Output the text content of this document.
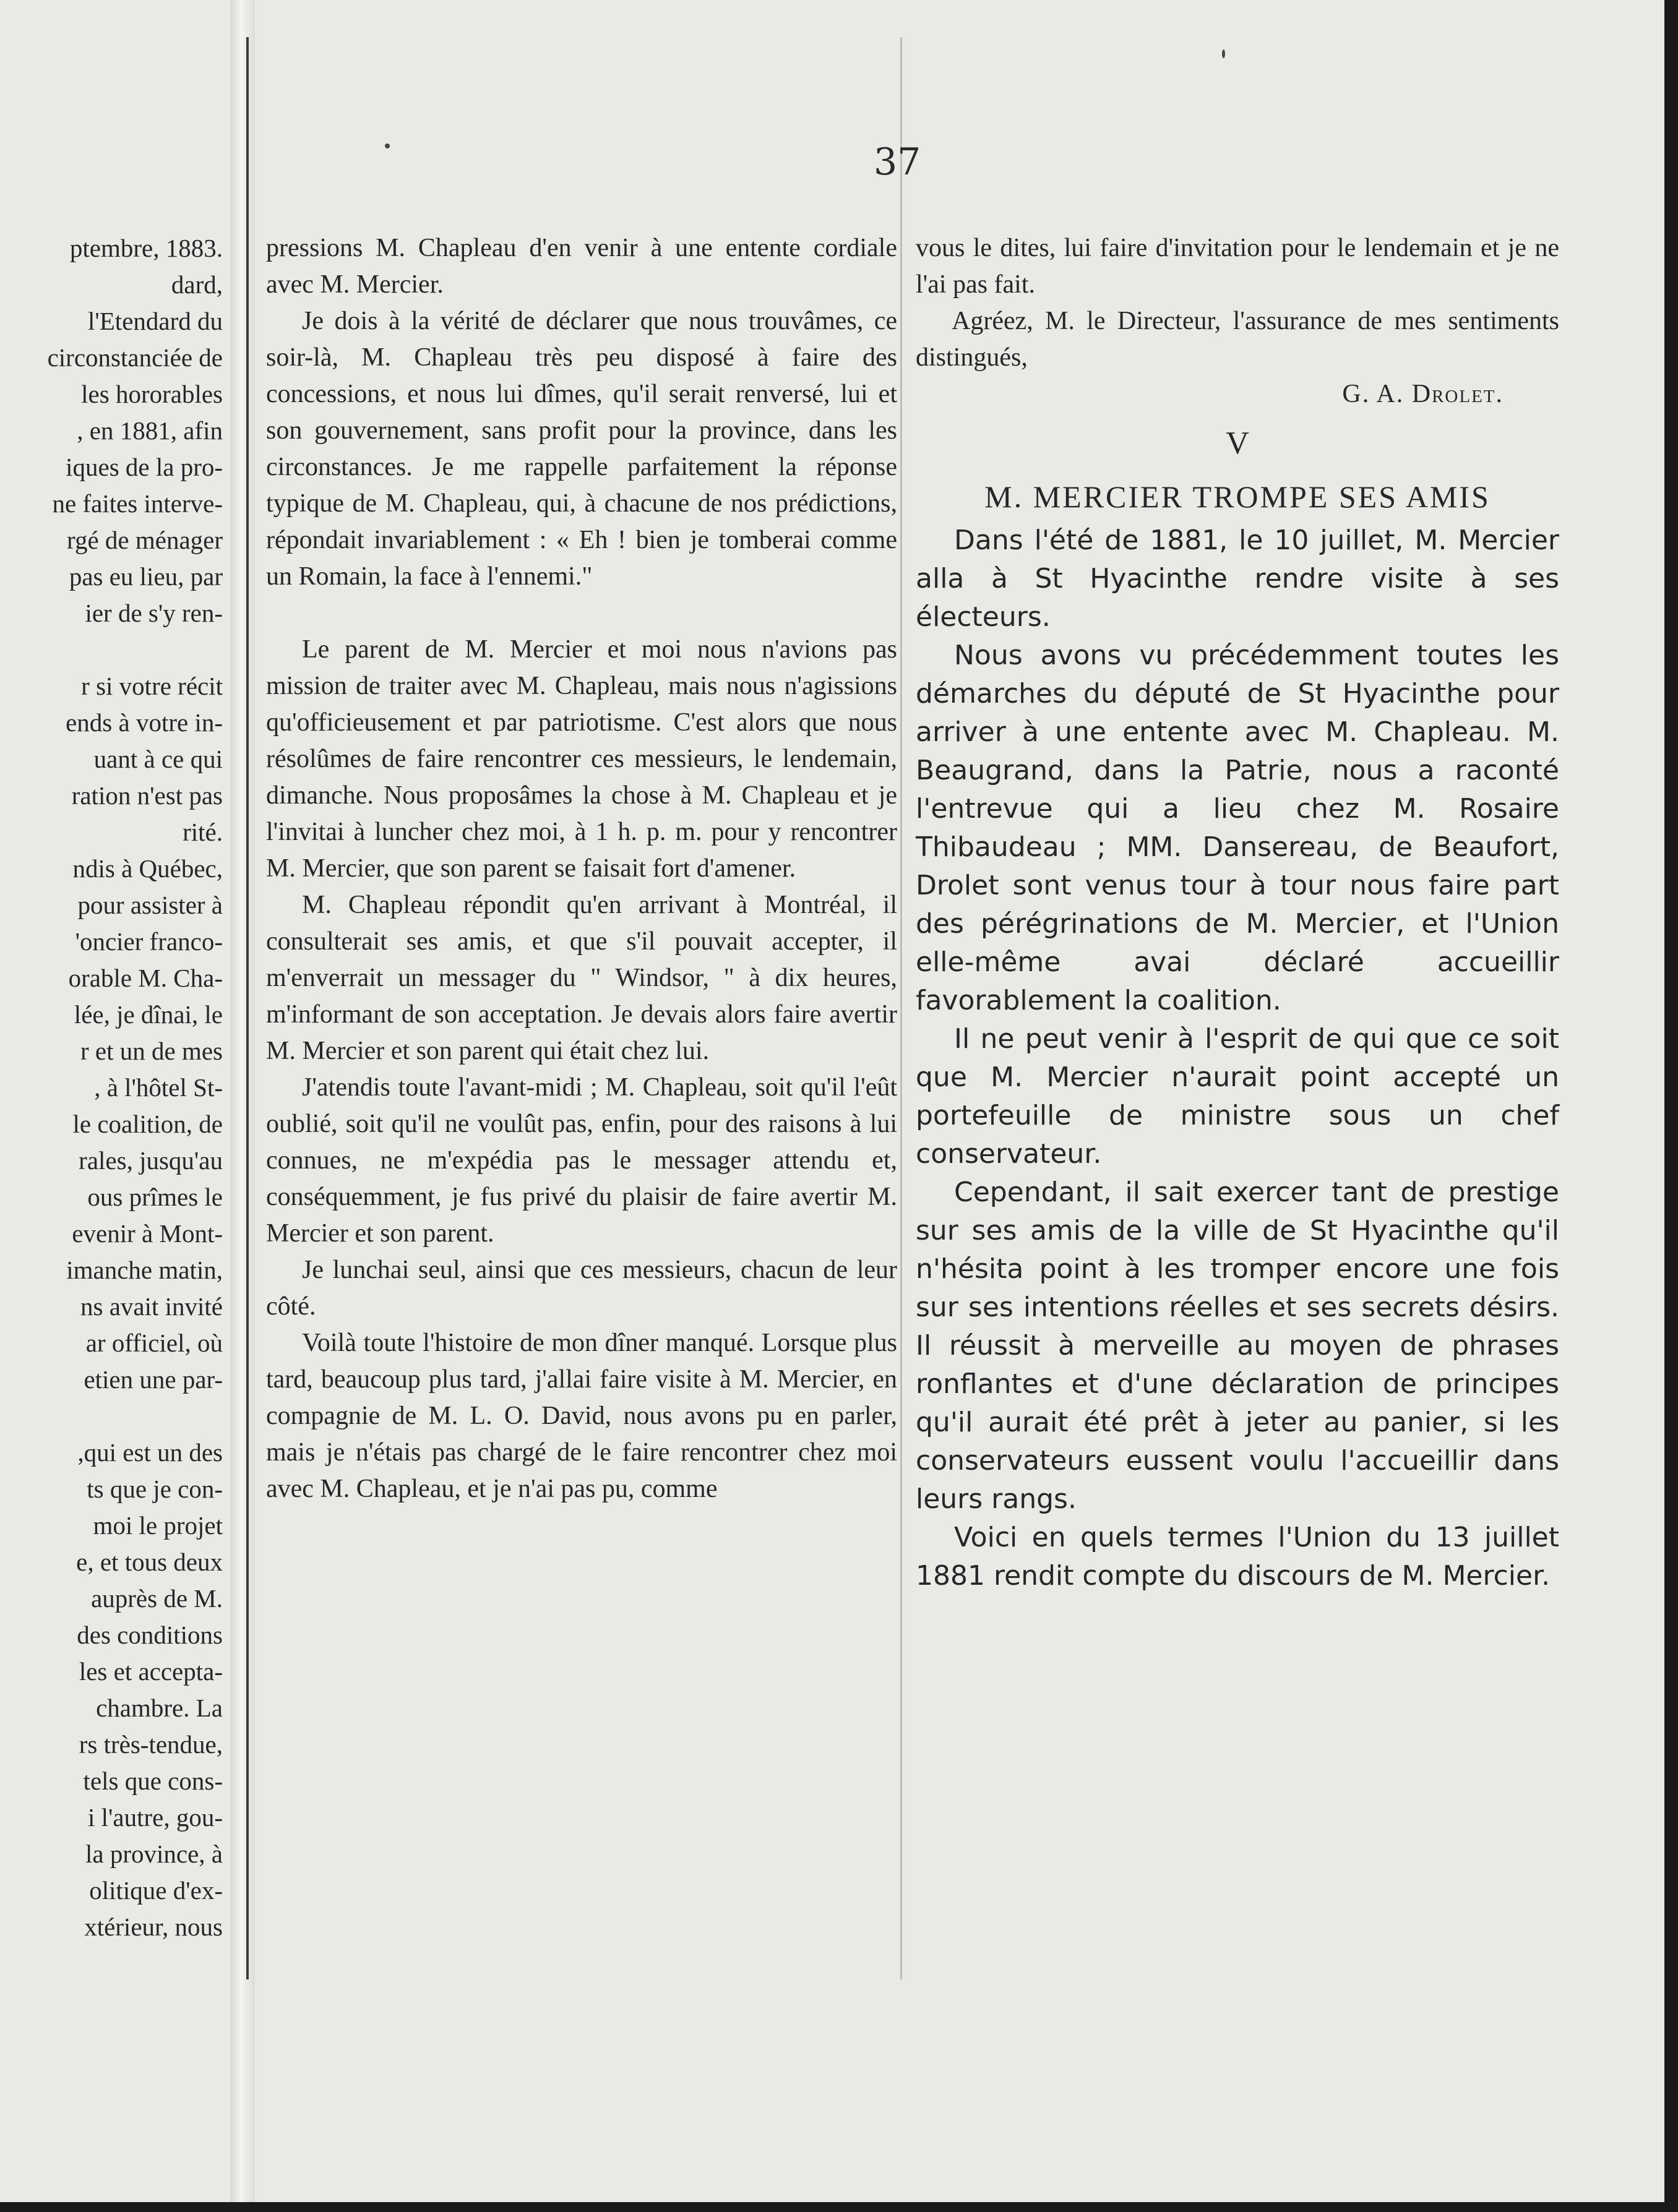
37
ptembre, 1883.
dard,
l'Etendard du
circonstanciée de
les hororables
, en 1881, afin
iques de la pro-
ne faites interve-
rgé de ménager
pas eu lieu, par
ier de s'y ren-

r si votre récit
ends à votre in-
uant à ce qui
ration n'est pas
rité.
ndis à Québec,
pour assister à
'oncier franco-
orable M. Cha-
lée, je dînai, le
r et un de mes
, à l'hôtel St-
le coalition, de
rales, jusqu'au
ous prîmes le
evenir à Mont-
imanche matin,
ns avait invité
ar officiel, où
etien une par-

,qui est un des
ts que je con-
moi le projet
e, et tous deux
auprès de M.
des conditions
les et accepta-
chambre. La
rs très-tendue,
tels que cons-
i l'autre, gou-
la province, à
olitique d'ex-
xtérieur, nous

pressions M. Chapleau d'en venir à une entente cordiale avec M. Mercier.

Je dois à la vérité de déclarer que nous trouvâmes, ce soir-là, M. Chapleau très peu disposé à faire des concessions, et nous lui dîmes, qu'il serait renversé, lui et son gouvernement, sans profit pour la province, dans les circonstances. Je me rappelle parfaitement la réponse typique de M. Chapleau, qui, à chacune de nos prédictions, répondait invariablement : « Eh ! bien je tomberai comme un Romain, la face à l'ennemi."

Le parent de M. Mercier et moi nous n'avions pas mission de traiter avec M. Chapleau, mais nous n'agissions qu'officieusement et par patriotisme. C'est alors que nous résolûmes de faire rencontrer ces messieurs, le lendemain, dimanche. Nous proposâmes la chose à M. Chapleau et je l'invitai à luncher chez moi, à 1 h. p. m. pour y rencontrer M. Mercier, que son parent se faisait fort d'amener.

M. Chapleau répondit qu'en arrivant à Montréal, il consulterait ses amis, et que s'il pouvait accepter, il m'enverrait un messager du " Windsor, " à dix heures, m'informant de son acceptation. Je devais alors faire avertir M. Mercier et son parent qui était chez lui.

J'atendis toute l'avant-midi ; M. Chapleau, soit qu'il l'eût oublié, soit qu'il ne voulût pas, enfin, pour des raisons à lui connues, ne m'expédia pas le messager attendu et, conséquemment, je fus privé du plaisir de faire avertir M. Mercier et son parent.

Je lunchai seul, ainsi que ces messieurs, chacun de leur côté.

Voilà toute l'histoire de mon dîner manqué. Lorsque plus tard, beaucoup plus tard, j'allai faire visite à M. Mercier, en compagnie de M. L. O. David, nous avons pu en parler, mais je n'étais pas chargé de le faire rencontrer chez moi avec M. Chapleau, et je n'ai pas pu, comme

vous le dites, lui faire d'invitation pour le lendemain et je ne l'ai pas fait.

Agréez, M. le Directeur, l'assurance de mes sentiments distingués,

G. A. Drolet.

V

M. MERCIER TROMPE SES AMIS

Dans l'été de 1881, le 10 juillet, M. Mercier alla à St Hyacinthe rendre visite à ses électeurs.

Nous avons vu précédemment toutes les démarches du député de St Hyacinthe pour arriver à une entente avec M. Chapleau. M. Beaugrand, dans la Patrie, nous a raconté l'entrevue qui a lieu chez M. Rosaire Thibaudeau ; MM. Dansereau, de Beaufort, Drolet sont venus tour à tour nous faire part des pérégrinations de M. Mercier, et l'Union elle-même avai déclaré accueillir favorablement la coalition.

Il ne peut venir à l'esprit de qui que ce soit que M. Mercier n'aurait point accepté un portefeuille de ministre sous un chef conservateur.

Cependant, il sait exercer tant de prestige sur ses amis de la ville de St Hyacinthe qu'il n'hésita point à les tromper encore une fois sur ses intentions réelles et ses secrets désirs. Il réussit à merveille au moyen de phrases ronflantes et d'une déclaration de principes qu'il aurait été prêt à jeter au panier, si les conservateurs eussent voulu l'accueillir dans leurs rangs.

Voici en quels termes l'Union du 13 juillet 1881 rendit compte du discours de M. Mercier.
